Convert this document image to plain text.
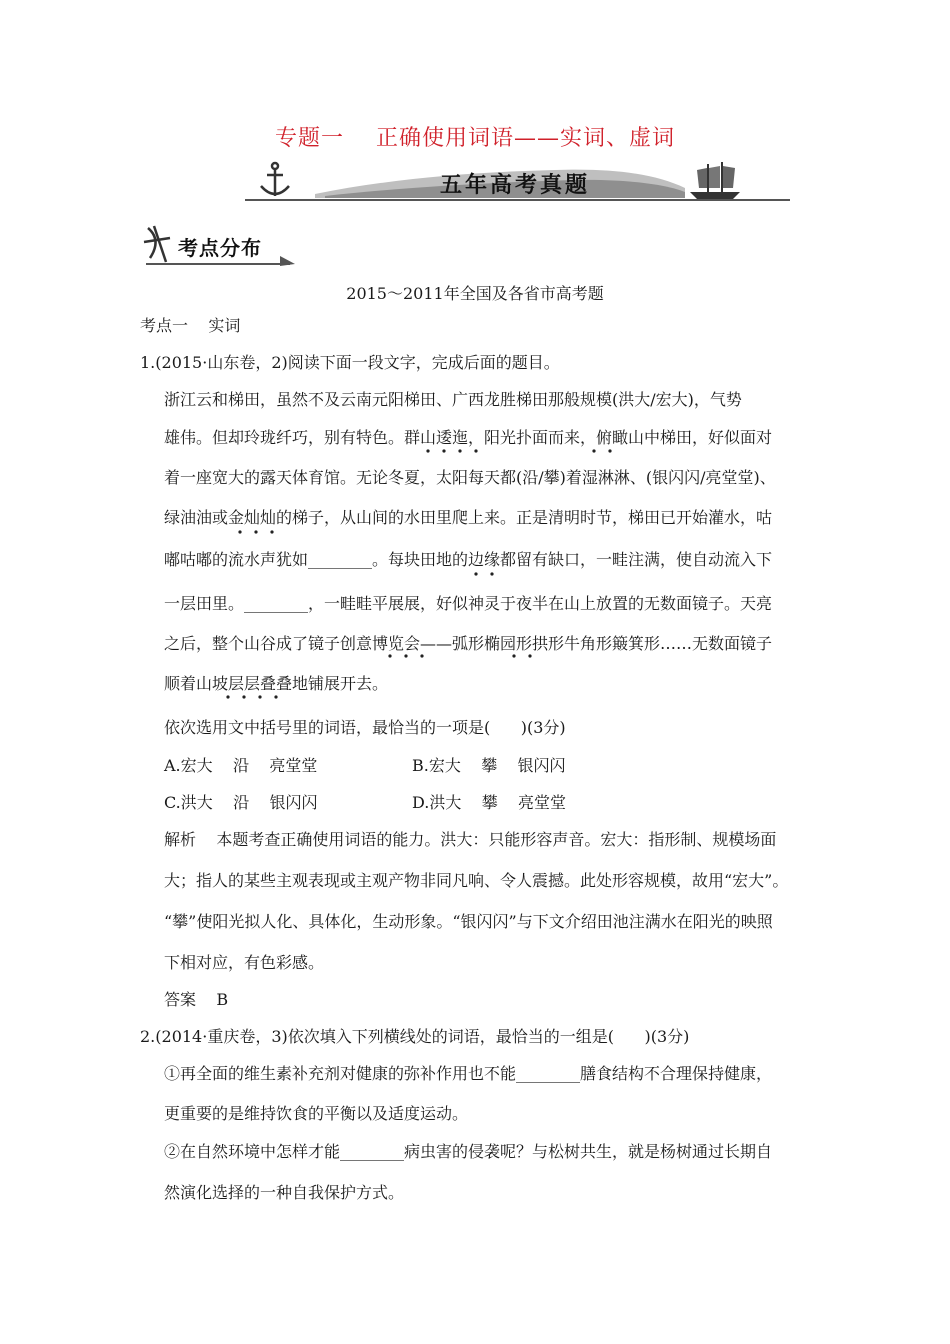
专题一    正确使用词语——实词、虚词
五年高考真题
考点分布
2015～2011年全国及各省市高考题
考点一    实词
1.(2015·山东卷，2)阅读下面一段文字，完成后面的题目。
浙江云和梯田，虽然不及云南元阳梯田、广西龙胜梯田那般规模(洪大/宏大)，气势
雄伟。但却玲珑纤巧，别有特色。群山逶迤，阳光扑面而来，俯瞰山中梯田，好似面对
着一座宽大的露天体育馆。无论冬夏，太阳每天都(沿/攀)着湿淋淋、(银闪闪/亮堂堂)、
绿油油或金灿灿的梯子，从山间的水田里爬上来。正是清明时节，梯田已开始灌水，咕
嘟咕嘟的流水声犹如________。每块田地的边缘都留有缺口，一畦注满，使自动流入下
一层田里。________，一畦畦平展展，好似神灵于夜半在山上放置的无数面镜子。天亮
之后，整个山谷成了镜子创意博览会——弧形椭园形拱形牛角形簸箕形……无数面镜子
顺着山坡层层叠叠地铺展开去。
依次选用文中括号里的词语，最恰当的一项是(      )(3分)
A.宏大    沿    亮堂堂	B.宏大    攀    银闪闪
C.洪大    沿    银闪闪	D.洪大    攀    亮堂堂
解析    本题考查正确使用词语的能力。洪大：只能形容声音。宏大：指形制、规模场面
大；指人的某些主观表现或主观产物非同凡响、令人震撼。此处形容规模，故用“宏大”。
“攀”使阳光拟人化、具体化，生动形象。“银闪闪”与下文介绍田池注满水在阳光的映照
下相对应，有色彩感。
答案    B
2.(2014·重庆卷，3)依次填入下列横线处的词语，最恰当的一组是(      )(3分)
①再全面的维生素补充剂对健康的弥补作用也不能________膳食结构不合理保持健康，
更重要的是维持饮食的平衡以及适度运动。
②在自然环境中怎样才能________病虫害的侵袭呢？与松树共生，就是杨树通过长期自
然演化选择的一种自我保护方式。
